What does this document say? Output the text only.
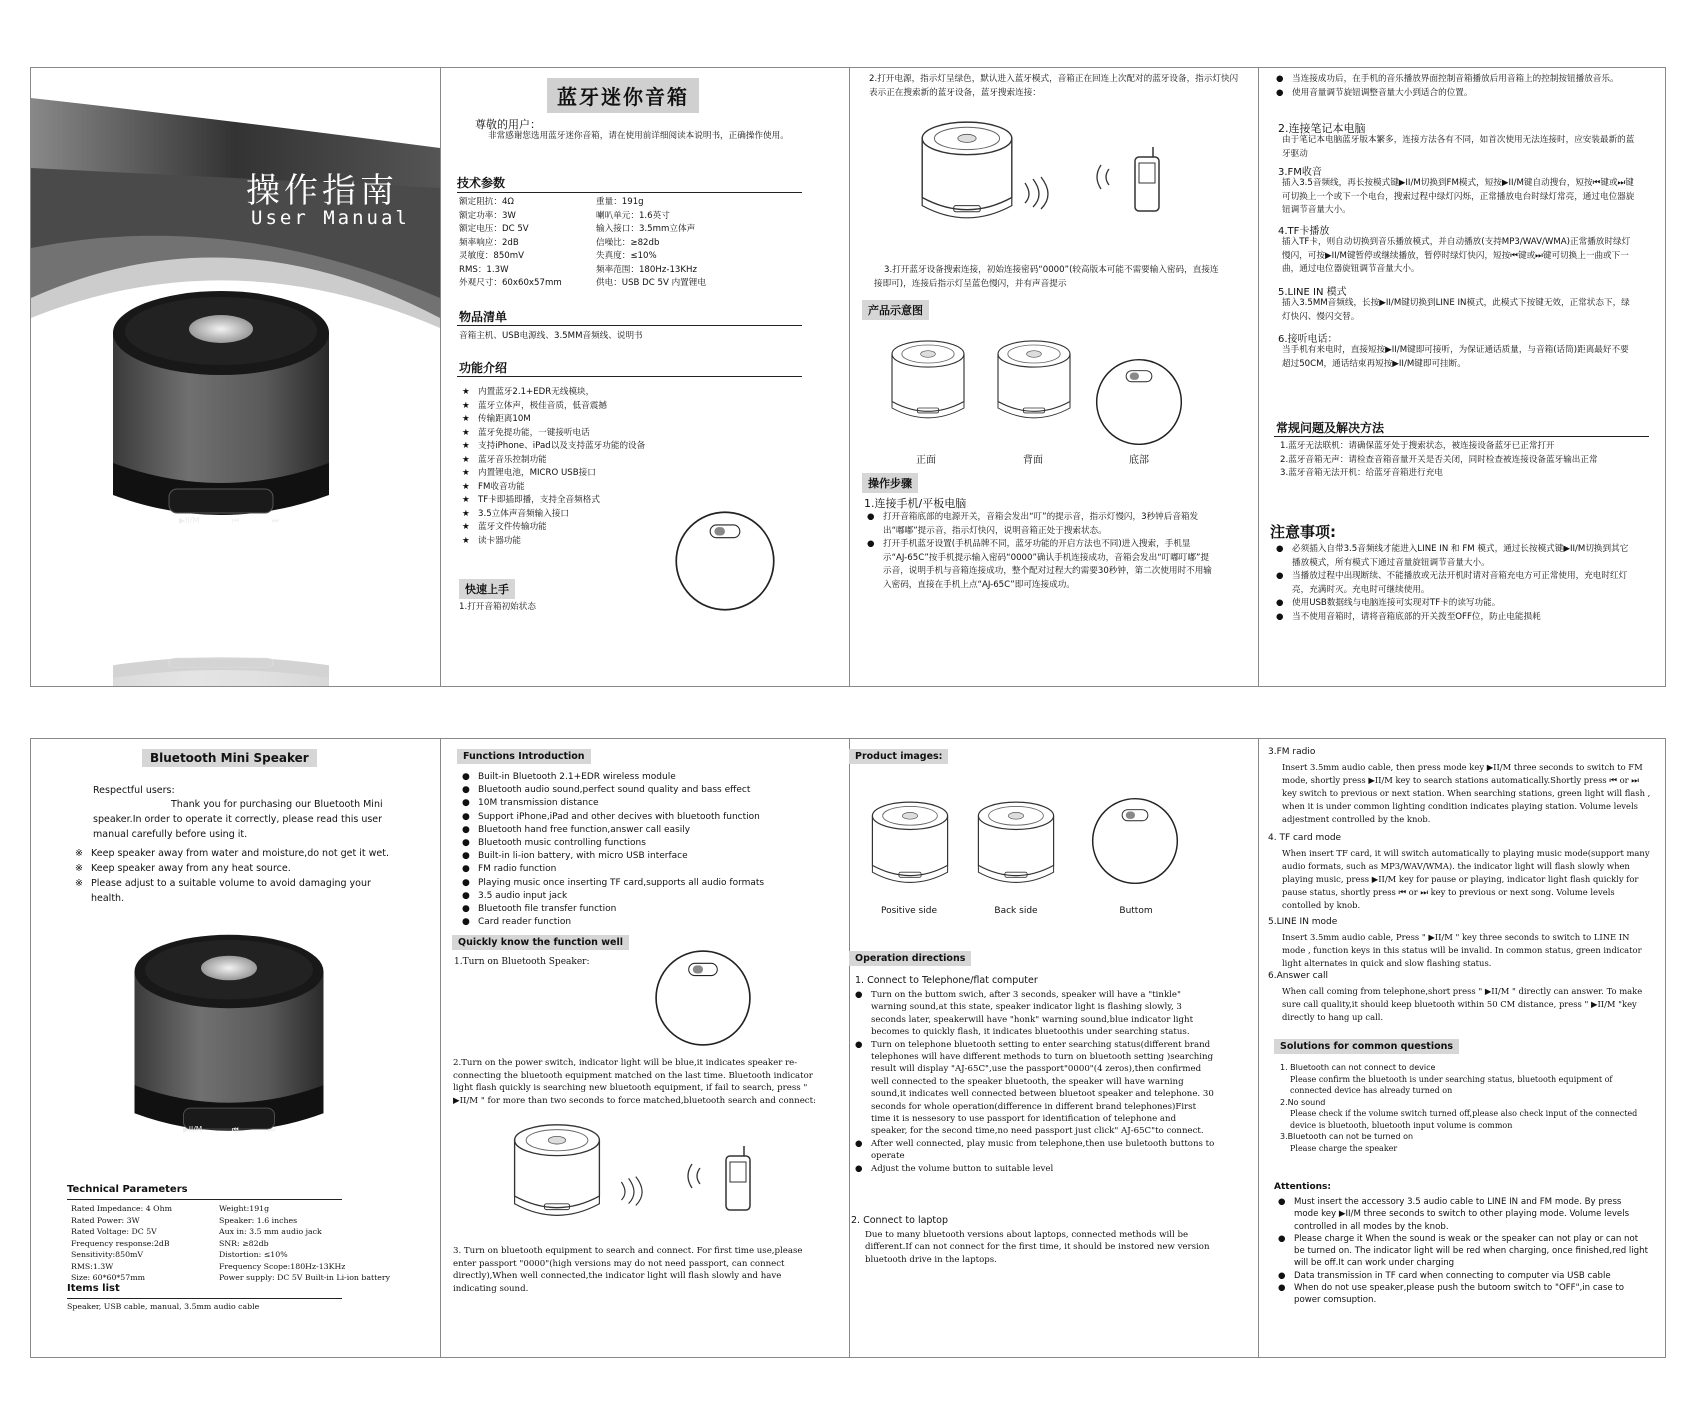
操作指南
User Manual
▶II/M	⏮	⏭
蓝牙迷你音箱
尊敬的用户：
非常感谢您选用蓝牙迷你音箱，请在使用前详细阅读本说明书，正确操作使用。
技术参数
额定阻抗：4Ω	重量：191g
额定功率：3W	喇叭单元：1.6英寸
额定电压：DC 5V	输入接口：3.5mm立体声
频率响应：2dB	信噪比：≥82db
灵敏度：850mV	失真度：≤10%
RMS：1.3W	频率范围：180Hz-13KHz
外观尺寸：60x60x57mm	供电：USB DC 5V 内置锂电
物品清单
音箱主机、USB电源线、3.5MM音频线、说明书
功能介绍
★ 内置蓝牙2.1+EDR无线模块，
★ 蓝牙立体声，极佳音质，低音震撼
★ 传输距离10M
★ 蓝牙免提功能，一键接听电话
★ 支持iPhone、iPad以及支持蓝牙功能的设备
★ 蓝牙音乐控制功能
★ 内置锂电池，MICRO USB接口
★ FM收音功能
★ TF卡即插即播，支持全音频格式
★ 3.5立体声音频输入接口
★ 蓝牙文件传输功能
★ 读卡器功能
快速上手
1.打开音箱初始状态
2.打开电源，指示灯呈绿色，默认进入蓝牙模式，音箱正在回连上次配对的蓝牙设备，指示灯快闪表示正在搜索新的蓝牙设备，蓝牙搜索连接：
3.打开蓝牙设备搜索连接，初始连接密码“0000”(较高版本可能不需要输入密码，直接连接即可)，连接后指示灯呈蓝色慢闪，并有声音提示
产品示意图
正面	背面	底部
操作步骤
1.连接手机/平板电脑
● 打开音箱底部的电源开关，音箱会发出“叮”的提示音，指示灯慢闪，3秒钟后音箱发出“嘟嘟”提示音，指示灯快闪，说明音箱正处于搜索状态。
● 打开手机蓝牙设置(手机品牌不同，蓝牙功能的开启方法也不同)进入搜索，手机显示“AJ-65C”按手机提示输入密码“0000”确认手机连接成功，音箱会发出“叮嘟叮嘟”提示音，说明手机与音箱连接成功，整个配对过程大约需要30秒钟，第二次使用时不用输入密码，直接在手机上点“AJ-65C”即可连接成功。
● 当连接成功后，在手机的音乐播放界面控制音箱播放后用音箱上的控制按钮播放音乐。
● 使用音量调节旋钮调整音量大小到适合的位置。
2.连接笔记本电脑
由于笔记本电脑蓝牙版本繁多，连接方法各有不同，如首次使用无法连接时，应安装最新的蓝牙驱动
3.FM收音
插入3.5音频线，再长按模式键▶II/M切换到FM模式，短按▶II/M键自动搜台，短按⏮键或⏭键可切换上一个或下一个电台，搜索过程中绿灯闪烁，正常播放电台时绿灯常亮，通过电位器旋钮调节音量大小。
4.TF卡播放
插入TF卡，则自动切换到音乐播放模式，并自动播放(支持MP3/WAV/WMA)正常播放时绿灯慢闪，可按▶II/M键暂停或继续播放，暂停时绿灯快闪，短按⏮键或⏭键可切换上一曲或下一曲，通过电位器旋钮调节音量大小。
5.LINE IN 模式
插入3.5MM音频线，长按▶II/M键切换到LINE IN模式，此模式下按键无效，正常状态下，绿灯快闪、慢闪交替。
6.接听电话：
当手机有来电时，直接短按▶II/M键即可接听，为保证通话质量，与音箱(话筒)距离最好不要超过50CM，通话结束再短按▶II/M键即可挂断。
常规问题及解决方法
1.蓝牙无法联机：请确保蓝牙处于搜索状态，被连接设备蓝牙已正常打开
2.蓝牙音箱无声：请检查音箱音量开关是否关闭，同时检查被连接设备蓝牙输出正常
3.蓝牙音箱无法开机：给蓝牙音箱进行充电
注意事项:
● 必须插入自带3.5音频线才能进入LINE IN 和 FM 模式，通过长按模式键▶II/M切换到其它播放模式，所有模式下通过音量旋钮调节音量大小。
● 当播放过程中出现断续、不能播放或无法开机时请对音箱充电方可正常使用，充电时红灯亮，充满时灭。充电时可继续使用。
● 使用USB数据线与电脑连接可实现对TF卡的读写功能。
● 当不使用音箱时，请将音箱底部的开关拨至OFF位，防止电能损耗
Bluetooth Mini Speaker
Respectful users:
Thank you for purchasing our Bluetooth Mini speaker.In order to operate it correctly, please read this user manual carefully before using it.
※ Keep speaker away from water and moisture,do not get it wet.
※ Keep speaker away from any heat source.
※ Please adjust to a suitable volume to avoid damaging your health.
▶II/M	⏮	⏭
Technical Parameters
Rated Impedance: 4 Ohm	Weight:191g
Rated Power: 3W	Speaker: 1.6 inches
Rated Voltage: DC 5V	Aux in: 3.5 mm audio jack
Frequency response:2dB	SNR: ≥82db
Sensitivity:850mV	Distortion: ≤10%
RMS:1.3W	Frequency Scope:180Hz-13KHz
Size: 60*60*57mm	Power supply: DC 5V Built-in Li-ion battery
Items list
Speaker, USB cable, manual, 3.5mm audio cable
Functions Introduction
● Built-in Bluetooth 2.1+EDR wireless module
● Bluetooth audio sound,perfect sound quality and bass effect
● 10M transmission distance
● Support iPhone,iPad and other decives with bluetooth function
● Bluetooth hand free function,answer call easily
● Bluetooth music controlling functions
● Built-in li-ion battery, with micro USB interface
● FM radio function
● Playing music once inserting TF card,supports all audio formats
● 3.5 audio input jack
● Bluetooth file transfer function
● Card reader function
Quickly know the function well
1.Turn on Bluetooth Speaker:
2.Turn on the power switch, indicator light will be blue,it indicates speaker re-connecting the bluetooth equipment matched on the last time. Bluetooth indicator light flash quickly is searching new bluetooth equipment, if fail to search, press " ▶II/M " for more than two seconds to force matched,bluetooth search and connect:
3. Turn on bluetooth equipment to search and connect. For first time use,please enter passport "0000"(high versions may do not need passport, can connect directly),When well connected,the indicator light will flash slowly and have indicating sound.
Product images:
Positive side	Back side	Buttom
Operation directions
1. Connect to Telephone/flat computer
● Turn on the buttom swich, after 3 seconds, speaker will have a "tinkle" warning sound,at this state, speaker indicator light is flashing slowly, 3 seconds later, speakerwill have "honk" warning sound,blue indicator light becomes to quickly flash, it indicates bluetoothis under searching status.
● Turn on telephone bluetooth setting to enter searching status(different brand telephones will have different methods to turn on bluetooth setting )searching result will display "AJ-65C",use the passport"0000"(4 zeros),then confirmed well connected to the speaker bluetooth, the speaker will have warning sound,it indicates well connected between bluetoot speaker and telephone. 30 seconds for whole operation(difference in different brand telephones)First time it is nessesory to use passport for identification of telephone and speaker, for the second time,no need passport just click" AJ-65C"to connect.
● After well connected, play music from telephone,then use buletooth buttons to operate
● Adjust the volume button to suitable level
2. Connect to laptop
Due to many bluetooth versions about laptops, connected methods will be different.If can not connect for the first time, it should be instored new version bluetooth drive in the laptops.
3.FM radio
Insert 3.5mm audio cable, then press mode key ▶II/M three seconds to switch to FM mode, shortly press ▶II/M key to search stations automatically.Shortly press ⏮ or ⏭ key switch to previous or next station. When searching stations, green light will flash , when it is under common lighting condition indicates playing station. Volume levels adjestment controlled by the knob.
4. TF card mode
When insert TF card, it will switch automatically to playing music mode(support many audio formats, such as MP3/WAV/WMA). the indicator light will flash slowly when playing music, press ▶II/M key for pause or playing, indicator light flash quickly for pause status, shortly press ⏮ or ⏭ key to previous or next song. Volume levels contolled by knob.
5.LINE IN mode
Insert 3.5mm audio cable, Press " ▶II/M " key three seconds to switch to LINE IN mode , function keys in this status will be invalid. In common status, green indicator light alternates in quick and slow flashing status.
6.Answer call
When call coming from telephone,short press " ▶II/M " directly can answer. To make sure call quality,it should keep bluetooth within 50 CM distance, press " ▶II/M "key directly to hang up call.
Solutions for common questions
1. Bluetooth can not connect to device
Please confirm the bluetooth is under searching status, bluetooth equipment of connected device has already turned on
2.No sound
Please check if the volume switch turned off,please also check input of the connected device is bluetooth, bluetooth input volume is common
3.Bluetooth can not be turned on
Please charge the speaker
Attentions:
● Must insert the accessory 3.5 audio cable to LINE IN and FM mode. By press mode key ▶II/M three seconds to switch to other playing mode. Volume levels controlled in all modes by the knob.
● Please charge it When the sound is weak or the speaker can not play or can not be turned on. The indicator light will be red when charging, once finished,red light will be off.It can work under charging
● Data transmission in TF card when connecting to computer via USB cable
● When do not use speaker,please push the butoom switch to "OFF",in case to power comsuption.
